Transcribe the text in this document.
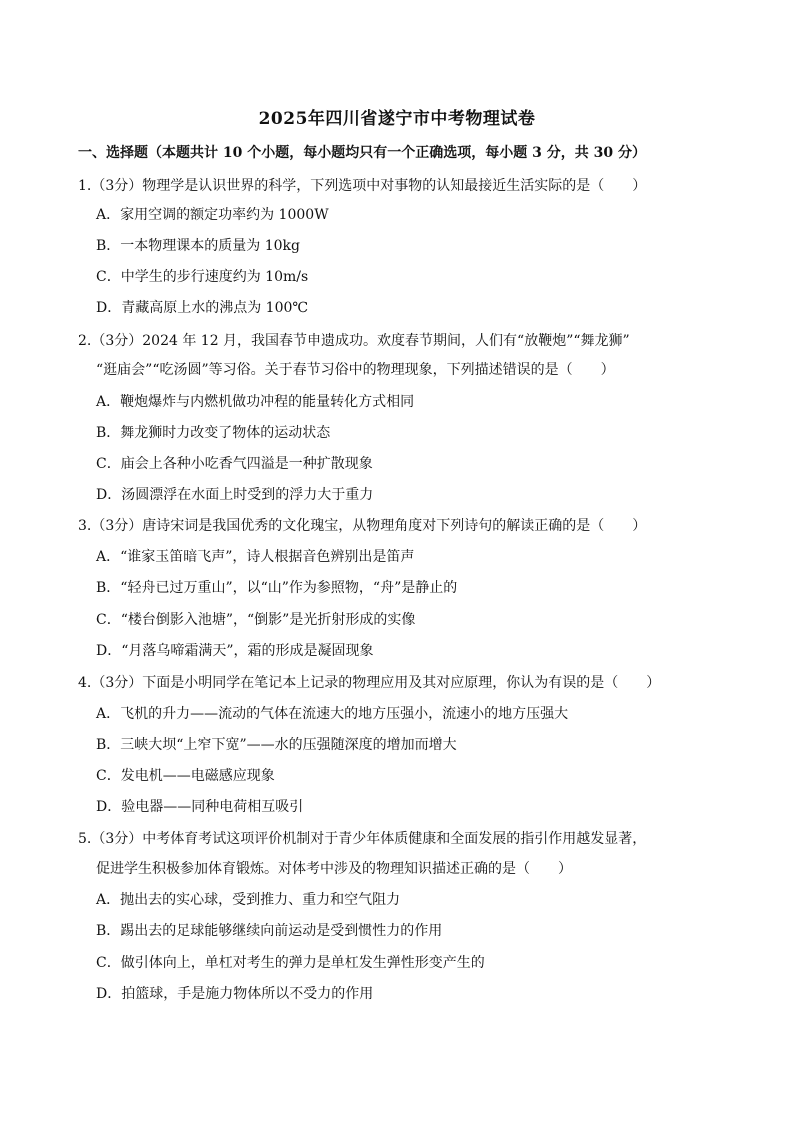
2025年四川省遂宁市中考物理试卷
一、选择题（本题共计 10 个小题，每小题均只有一个正确选项，每小题 3 分，共 30 分）
1.（3分）物理学是认识世界的科学，下列选项中对事物的认知最接近生活实际的是（　　）
A．家用空调的额定功率约为 1000W
B．一本物理课本的质量为 10kg
C．中学生的步行速度约为 10m/s
D．青藏高原上水的沸点为 100℃
2.（3分）2024 年 12 月，我国春节申遗成功。欢度春节期间，人们有“放鞭炮”“舞龙狮”
“逛庙会”“吃汤圆”等习俗。关于春节习俗中的物理现象，下列描述错误的是（　　）
A．鞭炮爆炸与内燃机做功冲程的能量转化方式相同
B．舞龙狮时力改变了物体的运动状态
C．庙会上各种小吃香气四溢是一种扩散现象
D．汤圆漂浮在水面上时受到的浮力大于重力
3.（3分）唐诗宋词是我国优秀的文化瑰宝，从物理角度对下列诗句的解读正确的是（　　）
A．“谁家玉笛暗飞声”，诗人根据音色辨别出是笛声
B．“轻舟已过万重山”，以“山”作为参照物，“舟”是静止的
C．“楼台倒影入池塘”，“倒影”是光折射形成的实像
D．“月落乌啼霜满天”，霜的形成是凝固现象
4.（3分）下面是小明同学在笔记本上记录的物理应用及其对应原理，你认为有误的是（　　）
A．飞机的升力——流动的气体在流速大的地方压强小，流速小的地方压强大
B．三峡大坝“上窄下宽”——水的压强随深度的增加而增大
C．发电机——电磁感应现象
D．验电器——同种电荷相互吸引
5.（3分）中考体育考试这项评价机制对于青少年体质健康和全面发展的指引作用越发显著，
促进学生积极参加体育锻炼。对体考中涉及的物理知识描述正确的是（　　）
A．抛出去的实心球，受到推力、重力和空气阻力
B．踢出去的足球能够继续向前运动是受到惯性力的作用
C．做引体向上，单杠对考生的弹力是单杠发生弹性形变产生的
D．拍篮球，手是施力物体所以不受力的作用
